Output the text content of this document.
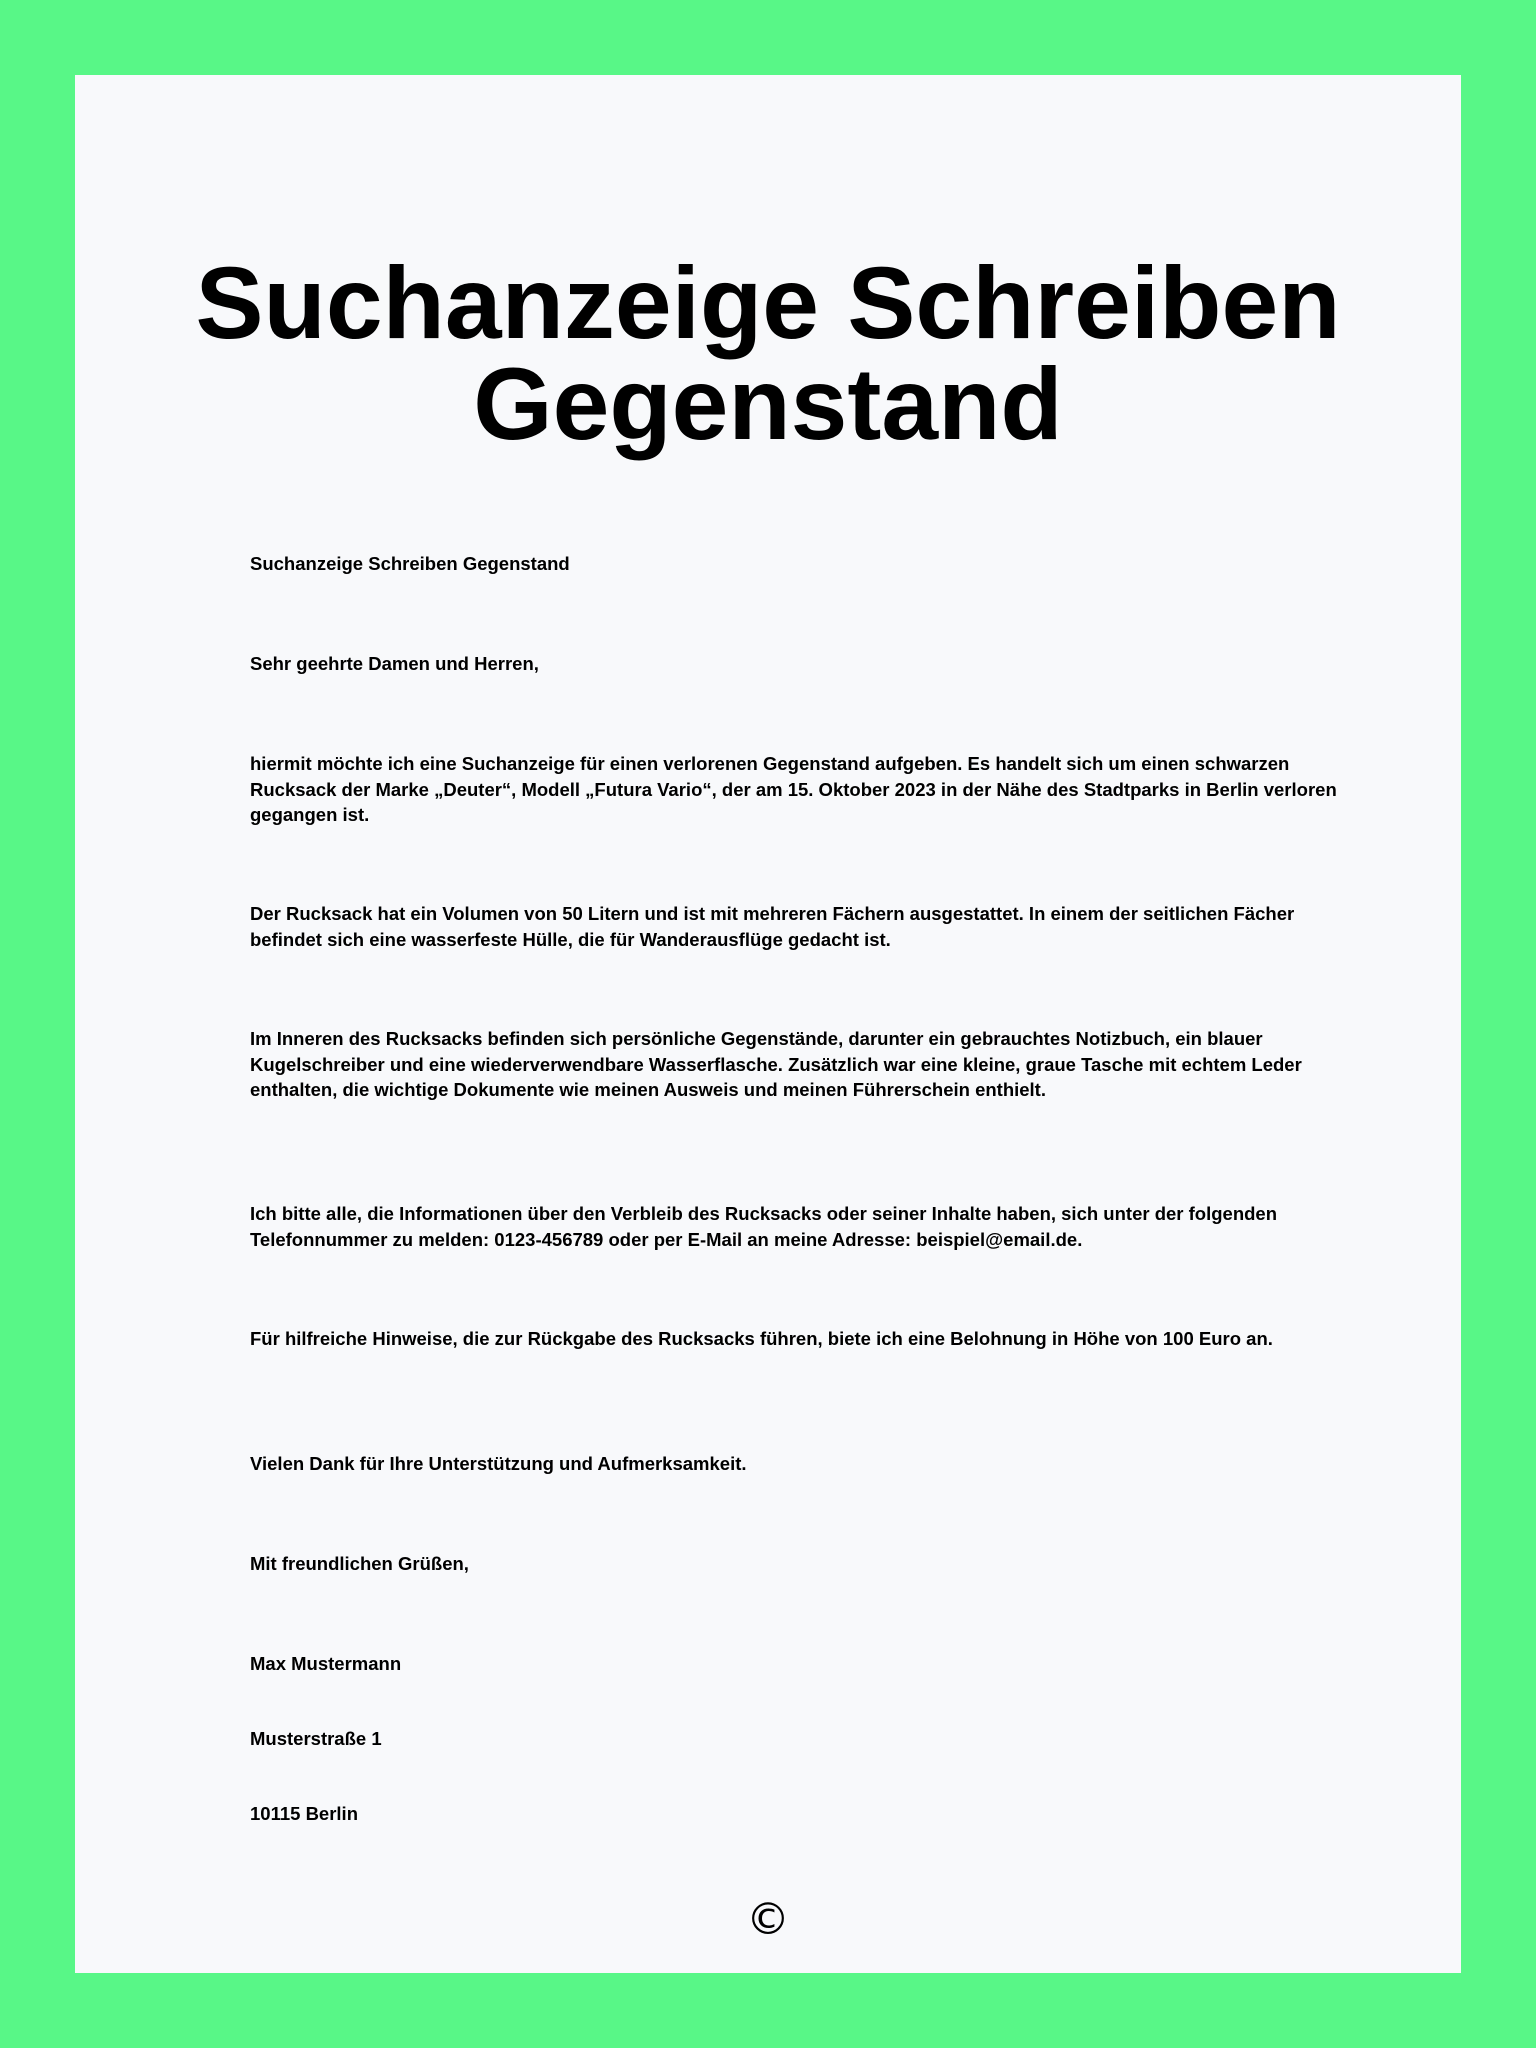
Suchanzeige Schreiben Gegenstand

Suchanzeige Schreiben Gegenstand

Sehr geehrte Damen und Herren,

hiermit möchte ich eine Suchanzeige für einen verlorenen Gegenstand aufgeben. Es handelt sich um einen schwarzen Rucksack der Marke „Deuter“, Modell „Futura Vario“, der am 15. Oktober 2023 in der Nähe des Stadtparks in Berlin verloren gegangen ist.

Der Rucksack hat ein Volumen von 50 Litern und ist mit mehreren Fächern ausgestattet. In einem der seitlichen Fächer befindet sich eine wasserfeste Hülle, die für Wanderausflüge gedacht ist.

Im Inneren des Rucksacks befinden sich persönliche Gegenstände, darunter ein gebrauchtes Notizbuch, ein blauer Kugelschreiber und eine wiederverwendbare Wasserflasche. Zusätzlich war eine kleine, graue Tasche mit echtem Leder enthalten, die wichtige Dokumente wie meinen Ausweis und meinen Führerschein enthielt.

Ich bitte alle, die Informationen über den Verbleib des Rucksacks oder seiner Inhalte haben, sich unter der folgenden Telefonnummer zu melden: 0123-456789 oder per E-Mail an meine Adresse: beispiel@email.de.

Für hilfreiche Hinweise, die zur Rückgabe des Rucksacks führen, biete ich eine Belohnung in Höhe von 100 Euro an.

Vielen Dank für Ihre Unterstützung und Aufmerksamkeit.

Mit freundlichen Grüßen,

Max Mustermann

Musterstraße 1

10115 Berlin

©
